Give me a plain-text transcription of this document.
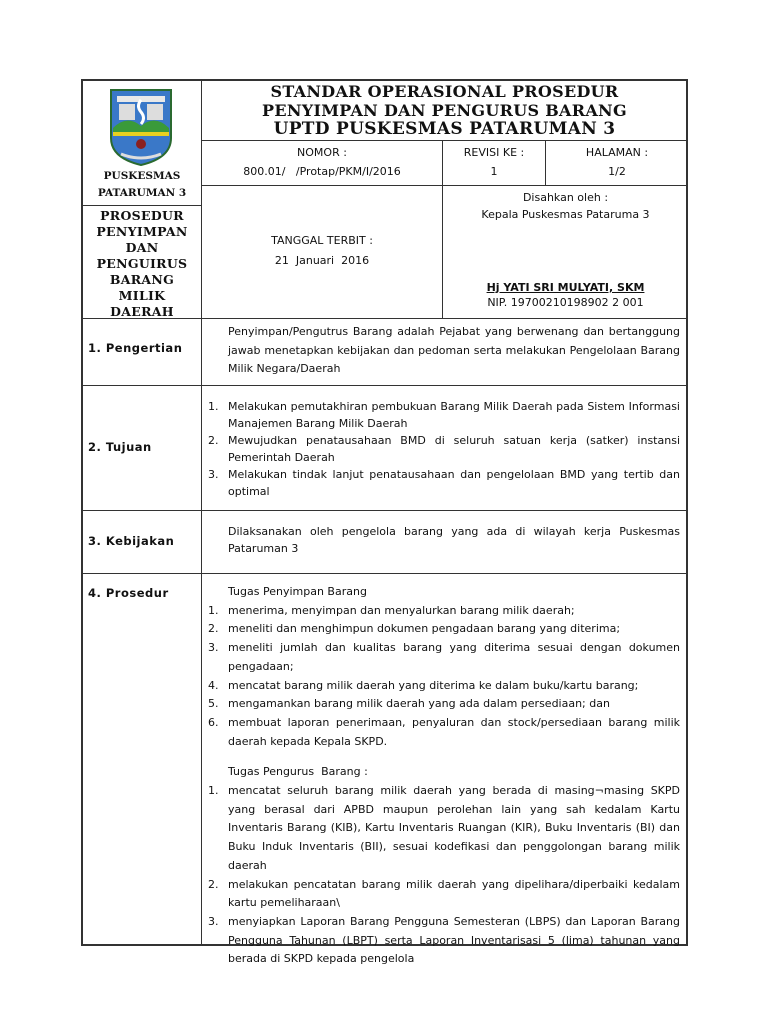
PUSKESMAS
PATARUMAN 3
PROSEDUR
PENYIMPAN
DAN
PENGUIRUS
BARANG
MILIK
DAERAH
STANDAR OPERASIONAL PROSEDUR
PENYIMPAN DAN PENGURUS BARANG
UPTD PUSKESMAS PATARUMAN 3
NOMOR :
800.01/   /Protap/PKM/I/2016
REVISI KE :
1
HALAMAN :
1/2
TANGGAL TERBIT :
21  Januari  2016
Disahkan oleh :
Kepala Puskesmas Pataruma 3
Hj YATI SRI MULYATI, SKM
NIP. 19700210198902 2 001
1. Pengertian
Penyimpan/Pengutrus Barang adalah Pejabat yang berwenang dan bertanggung jawab menetapkan kebijakan dan pedoman serta melakukan Pengelolaan Barang Milik Negara/Daerah
2. Tujuan
1. Melakukan pemutakhiran pembukuan Barang Milik Daerah pada Sistem Informasi Manajemen Barang Milik Daerah
2. Mewujudkan penatausahaan BMD di seluruh satuan kerja (satker) instansi Pemerintah Daerah
3. Melakukan tindak lanjut penatausahaan dan pengelolaan BMD yang tertib dan optimal
3. Kebijakan
Dilaksanakan oleh pengelola barang yang ada di wilayah kerja Puskesmas Pataruman 3
4. Prosedur	Tugas Penyimpan Barang
1. menerima, menyimpan dan menyalurkan barang milik daerah;
2. meneliti dan menghimpun dokumen pengadaan barang yang diterima;
3. meneliti jumlah dan kualitas barang yang diterima sesuai dengan dokumen pengadaan;
4. mencatat barang milik daerah yang diterima ke dalam buku/kartu barang;
5. mengamankan barang milik daerah yang ada dalam persediaan; dan
6. membuat laporan penerimaan, penyaluran dan stock/persediaan barang milik daerah kepada Kepala SKPD.
Tugas Pengurus  Barang :
1. mencatat seluruh barang milik daerah yang berada di masing¬masing SKPD yang berasal dari APBD maupun perolehan lain yang sah kedalam Kartu Inventaris Barang (KIB), Kartu Inventaris Ruangan (KIR), Buku Inventaris (BI) dan Buku Induk Inventaris (BII), sesuai kodefikasi dan penggolongan barang milik daerah
2. melakukan pencatatan barang milik daerah yang dipelihara/diperbaiki kedalam kartu pemeliharaan\
3. menyiapkan Laporan Barang Pengguna Semesteran (LBPS) dan Laporan Barang Pengguna Tahunan (LBPT) serta Laporan Inventarisasi 5 (lima) tahunan yang berada di SKPD kepada pengelola
